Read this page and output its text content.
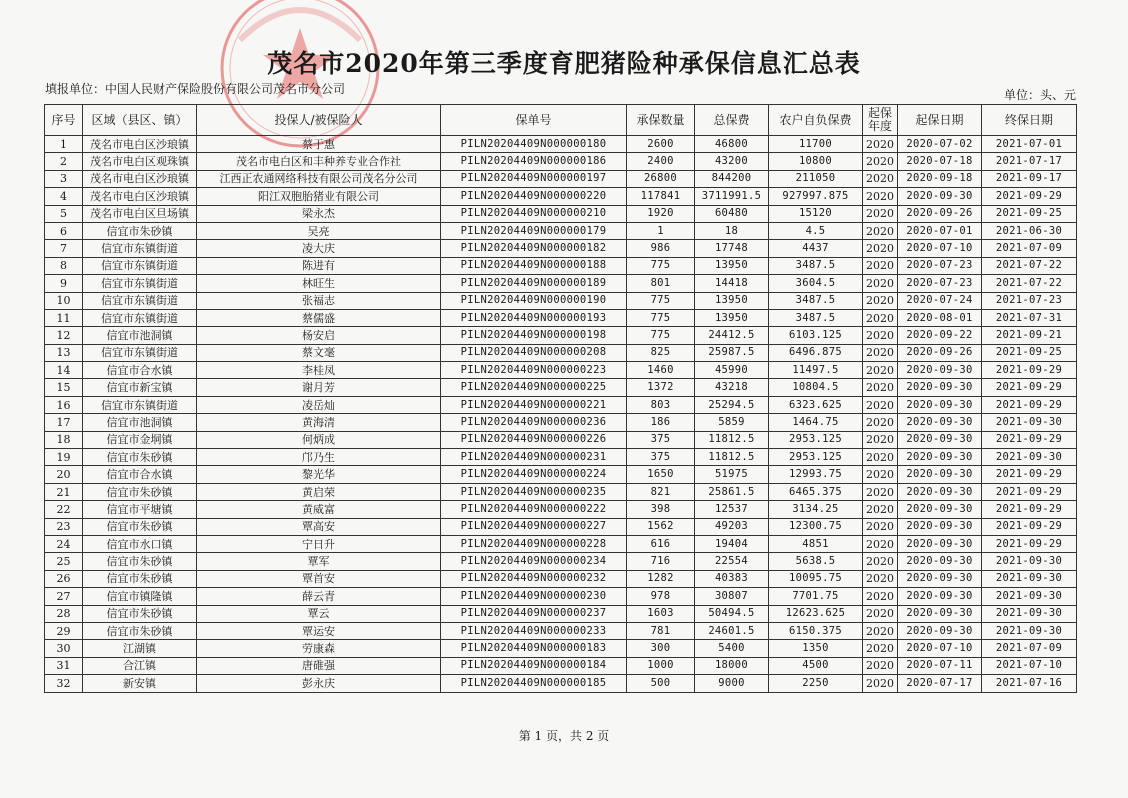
茂名市2020年第三季度育肥猪险种承保信息汇总表
填报单位：中国人民财产保险股份有限公司茂名市分公司	单位：头、元
序号	区域（县区、镇）	投保人/被保险人	保单号	承保数量	总保费	农户自负保费	起保年度	起保日期	终保日期
1	茂名市电白区沙琅镇	蔡于惠	PILN20204409N000000180	2600	46800	11700	2020	2020-07-02	2021-07-01
2	茂名市电白区观珠镇	茂名市电白区和丰种养专业合作社	PILN20204409N000000186	2400	43200	10800	2020	2020-07-18	2021-07-17
3	茂名市电白区沙琅镇	江西正农通网络科技有限公司茂名分公司	PILN20204409N000000197	26800	844200	211050	2020	2020-09-18	2021-09-17
4	茂名市电白区沙琅镇	阳江双胞胎猪业有限公司	PILN20204409N000000220	117841	3711991.5	927997.875	2020	2020-09-30	2021-09-29
5	茂名市电白区旦场镇	梁永杰	PILN20204409N000000210	1920	60480	15120	2020	2020-09-26	2021-09-25
6	信宜市朱砂镇	吴亮	PILN20204409N000000179	1	18	4.5	2020	2020-07-01	2021-06-30
7	信宜市东镇街道	凌大庆	PILN20204409N000000182	986	17748	4437	2020	2020-07-10	2021-07-09
8	信宜市东镇街道	陈进有	PILN20204409N000000188	775	13950	3487.5	2020	2020-07-23	2021-07-22
9	信宜市东镇街道	林旺生	PILN20204409N000000189	801	14418	3604.5	2020	2020-07-23	2021-07-22
10	信宜市东镇街道	张福志	PILN20204409N000000190	775	13950	3487.5	2020	2020-07-24	2021-07-23
11	信宜市东镇街道	蔡儒盛	PILN20204409N000000193	775	13950	3487.5	2020	2020-08-01	2021-07-31
12	信宜市池洞镇	杨安启	PILN20204409N000000198	775	24412.5	6103.125	2020	2020-09-22	2021-09-21
13	信宜市东镇街道	蔡文毫	PILN20204409N000000208	825	25987.5	6496.875	2020	2020-09-26	2021-09-25
14	信宜市合水镇	李桂凤	PILN20204409N000000223	1460	45990	11497.5	2020	2020-09-30	2021-09-29
15	信宜市新宝镇	谢月芳	PILN20204409N000000225	1372	43218	10804.5	2020	2020-09-30	2021-09-29
16	信宜市东镇街道	凌岳灿	PILN20204409N000000221	803	25294.5	6323.625	2020	2020-09-30	2021-09-29
17	信宜市池洞镇	黄海清	PILN20204409N000000236	186	5859	1464.75	2020	2020-09-30	2021-09-30
18	信宜市金垌镇	何炳成	PILN20204409N000000226	375	11812.5	2953.125	2020	2020-09-30	2021-09-29
19	信宜市朱砂镇	邝乃生	PILN20204409N000000231	375	11812.5	2953.125	2020	2020-09-30	2021-09-30
20	信宜市合水镇	黎光华	PILN20204409N000000224	1650	51975	12993.75	2020	2020-09-30	2021-09-29
21	信宜市朱砂镇	黄启荣	PILN20204409N000000235	821	25861.5	6465.375	2020	2020-09-30	2021-09-29
22	信宜市平塘镇	黄威富	PILN20204409N000000222	398	12537	3134.25	2020	2020-09-30	2021-09-29
23	信宜市朱砂镇	覃高安	PILN20204409N000000227	1562	49203	12300.75	2020	2020-09-30	2021-09-29
24	信宜市水口镇	宁日升	PILN20204409N000000228	616	19404	4851	2020	2020-09-30	2021-09-29
25	信宜市朱砂镇	覃军	PILN20204409N000000234	716	22554	5638.5	2020	2020-09-30	2021-09-30
26	信宜市朱砂镇	覃首安	PILN20204409N000000232	1282	40383	10095.75	2020	2020-09-30	2021-09-30
27	信宜市镇隆镇	薛云青	PILN20204409N000000230	978	30807	7701.75	2020	2020-09-30	2021-09-30
28	信宜市朱砂镇	覃云	PILN20204409N000000237	1603	50494.5	12623.625	2020	2020-09-30	2021-09-30
29	信宜市朱砂镇	覃运安	PILN20204409N000000233	781	24601.5	6150.375	2020	2020-09-30	2021-09-30
30	江湖镇	劳康森	PILN20204409N000000183	300	5400	1350	2020	2020-07-10	2021-07-09
31	合江镇	唐碓强	PILN20204409N000000184	1000	18000	4500	2020	2020-07-11	2021-07-10
32	新安镇	彭永庆	PILN20204409N000000185	500	9000	2250	2020	2020-07-17	2021-07-16
第 1 页，共 2 页
